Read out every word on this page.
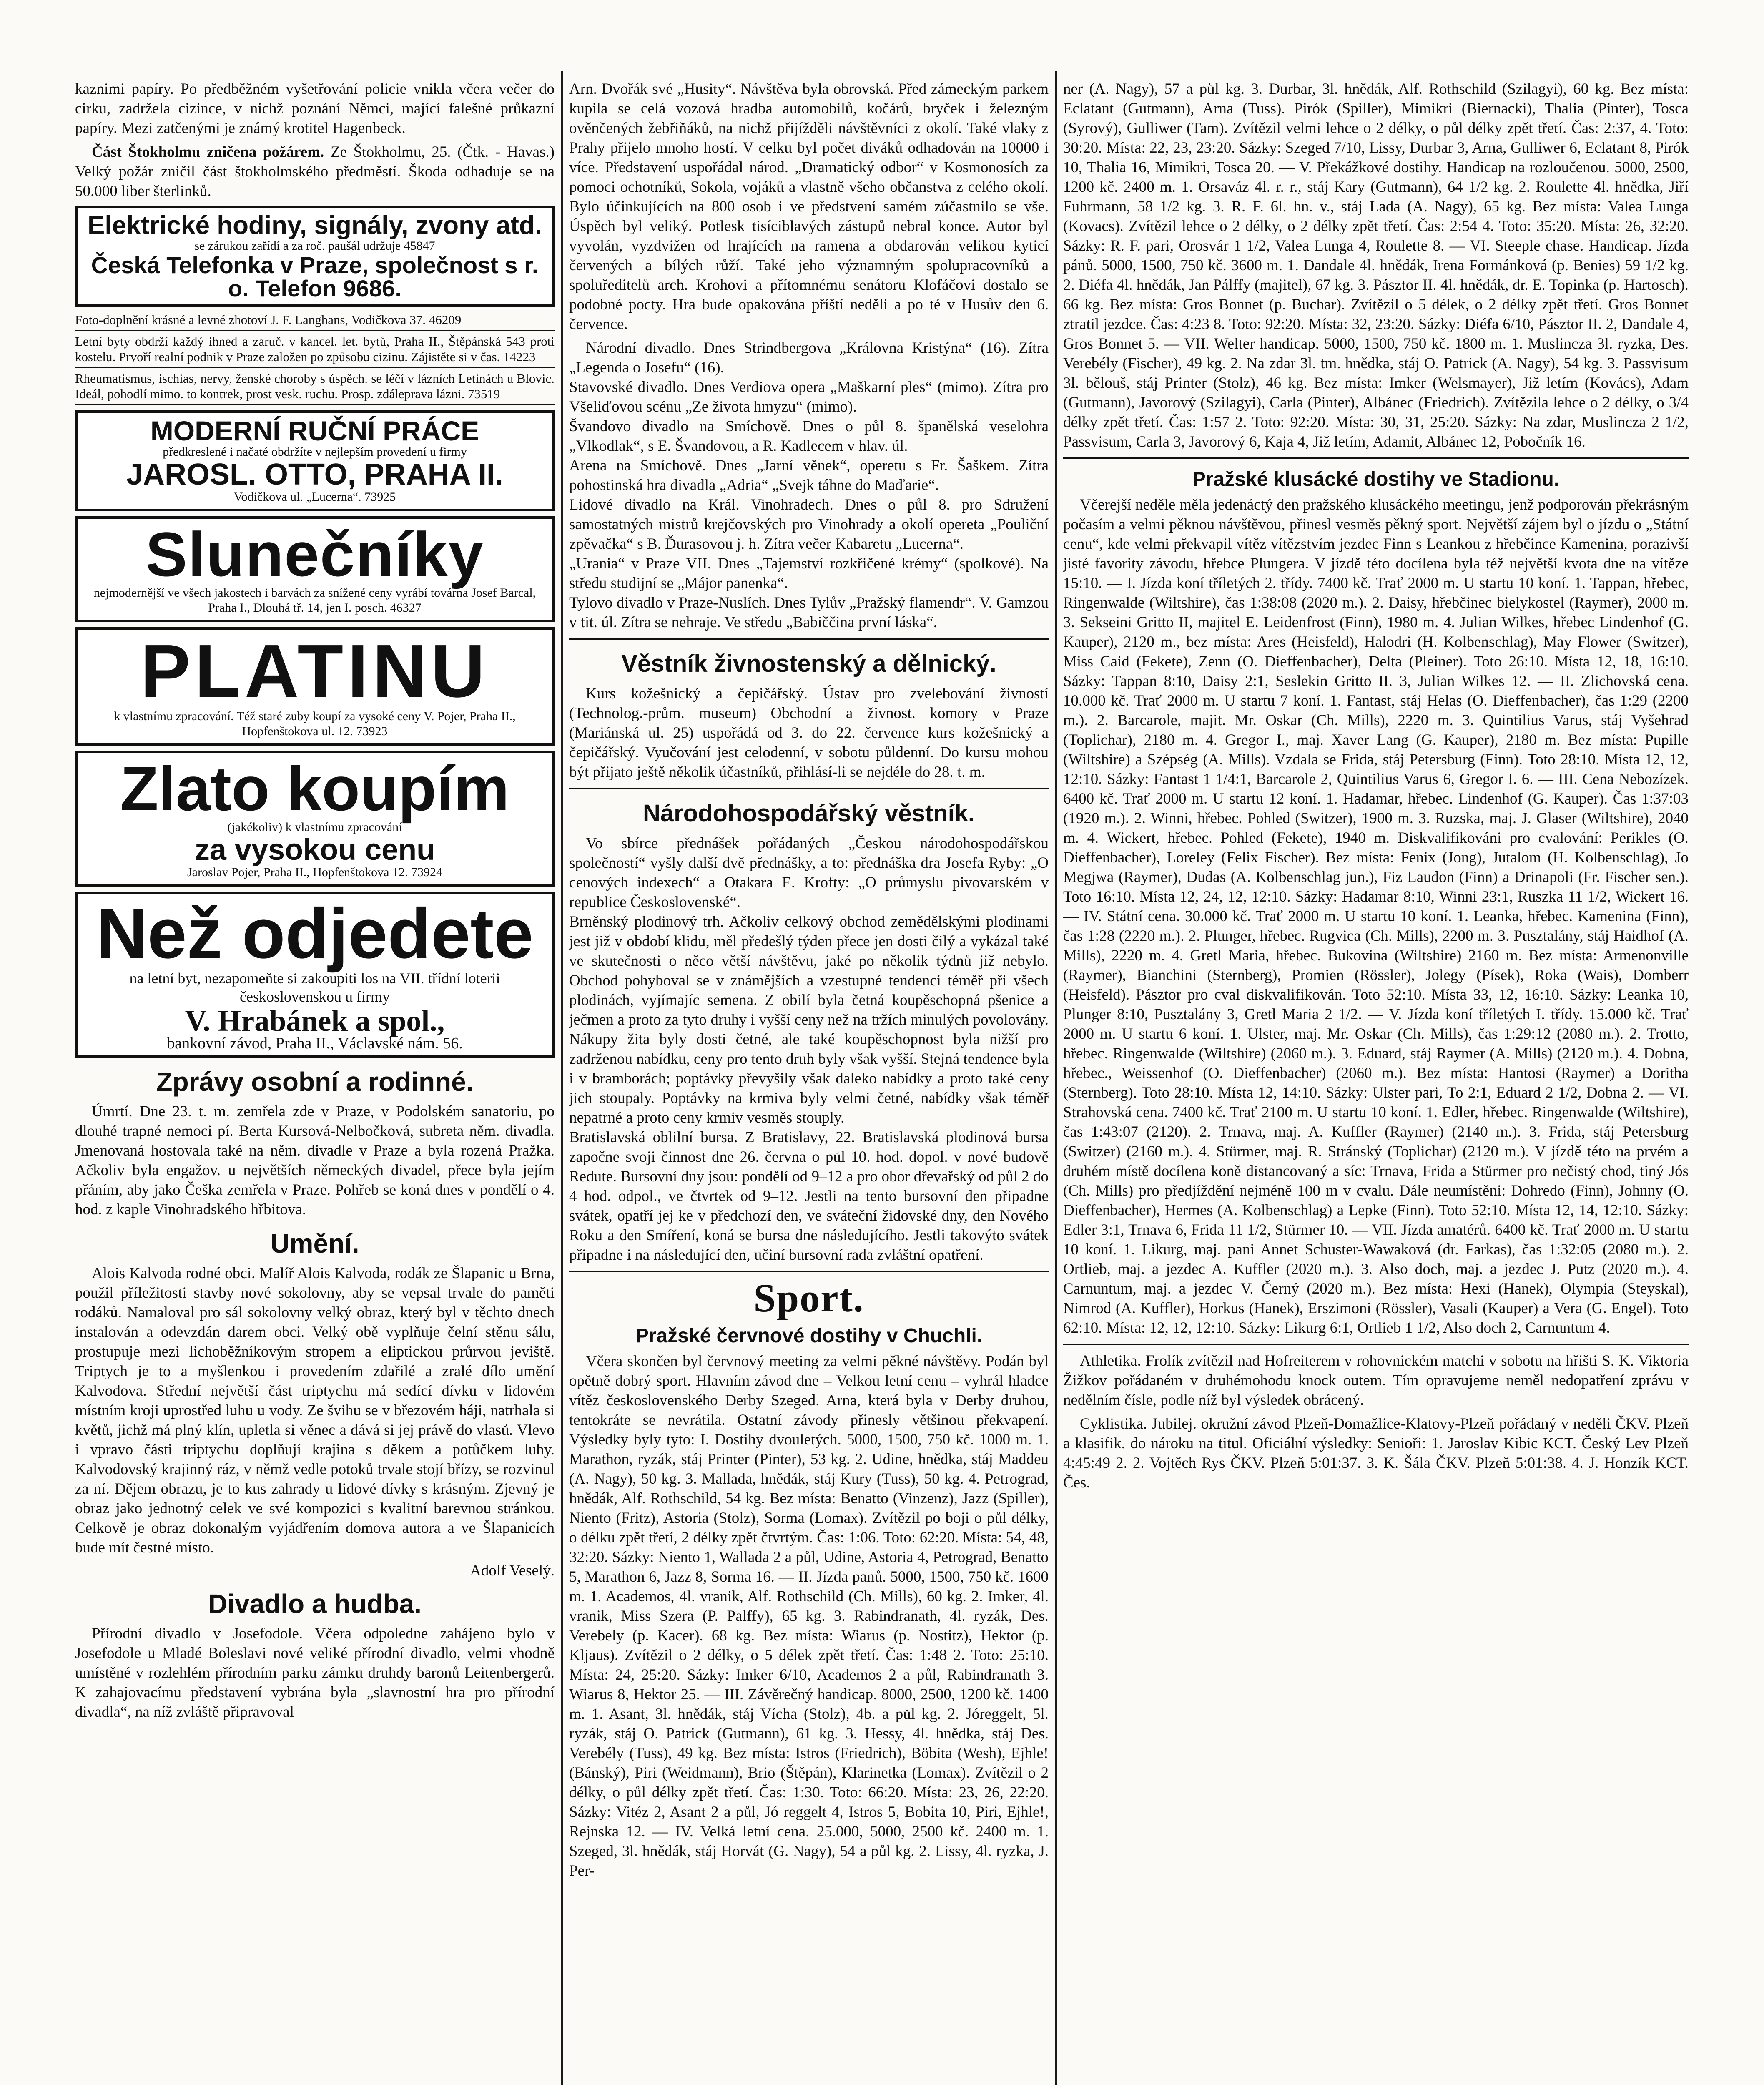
kaznimi papíry. Po předběžném vyšetřování policie vnikla včera večer do cirku, zadržela cizince, v nichž poznání Němci, mající falešné průkazní papíry. Mezi zatčenými je známý krotitel Hagenbeck.

Část Štokholmu zničena požárem. Ze Štokholmu, 25. (Čtk. - Havas.) Velký požár zničil část štokholmského předměstí. Škoda odhaduje se na 50.000 liber šterlinků.

Elektrické hodiny, signály, zvony atd.
se zárukou zařídí a za roč. paušál udržuje 45847
Česká Telefonka v Praze, společnost s r. o. Telefon 9686.
Foto-doplnění krásné a levné zhotoví J. F. Langhans, Vodičkova 37. 46209
Letní byty obdrží každý ihned a zaruč. v kancel. let. bytů, Praha II., Štěpánská 543 proti kostelu. Prvoří realní podnik v Praze založen po způsobu cizinu. Zájistěte si v čas. 14223
Rheumatismus, ischias, nervy, ženské choroby s úspěch. se léčí v lázních Letinách u Blovic. Ideál, pohodlí mimo. to kontrek, prost vesk. ruchu. Prosp. zdáleprava lázni. 73519
MODERNÍ RUČNÍ PRÁCE
předkreslené i načaté obdržíte v nejlepším provedení u firmy
JAROSL. OTTO, PRAHA II.
Vodičkova ul. „Lucerna“. 73925
Slunečníky
nejmodernější ve všech jakostech i barvách za snížené ceny vyrábí továrna Josef Barcal, Praha I., Dlouhá tř. 14, jen I. posch. 46327
PLATINU
k vlastnímu zpracování. Též staré zuby koupí za vysoké ceny V. Pojer, Praha II., Hopfenštokova ul. 12. 73923
Zlato koupím
(jakékoliv) k vlastnímu zpracování
za vysokou cenu
Jaroslav Pojer, Praha II., Hopfenštokova 12. 73924
Než odjedete
na letní byt, nezapomeňte si zakoupiti los na VII. třídní loterii československou u firmy
V. Hrabánek a spol.,
bankovní závod, Praha II., Václavské nám. 56.
Zprávy osobní a rodinné.

Úmrtí. Dne 23. t. m. zemřela zde v Praze, v Podolském sanatoriu, po dlouhé trapné nemoci pí. Berta Kursová-Nelbočková, subreta něm. divadla. Jmenovaná hostovala také na něm. divadle v Praze a byla rozená Pražka. Ačkoliv byla engažov. u největších německých divadel, přece byla jejím přáním, aby jako Češka zemřela v Praze. Pohřeb se koná dnes v pondělí o 4. hod. z kaple Vinohradského hřbitova.

Umění.

Alois Kalvoda rodné obci. Malíř Alois Kalvoda, rodák ze Šlapanic u Brna, použil příležitosti stavby nové sokolovny, aby se vepsal trvale do paměti rodáků. Namaloval pro sál sokolovny velký obraz, který byl v těchto dnech instalován a odevzdán darem obci. Velký obě vyplňuje čelní stěnu sálu, prostupuje mezi lichoběžníkovým stropem a eliptickou průrvou jeviště. Triptych je to a myšlenkou i provedením zdařilé a zralé dílo umění Kalvodova. Střední největší část triptychu má sedící dívku v lidovém místním kroji uprostřed luhu u vody. Ze švihu se v březovém háji, natrhala si květů, jichž má plný klín, upletla si věnec a dává si jej právě do vlasů. Vlevo i vpravo části triptychu doplňují krajina s děkem a potůčkem luhy. Kalvodovský krajinný ráz, v němž vedle potoků trvale stojí břízy, se rozvinul za ní. Dějem obrazu, je to kus zahrady u lidové dívky s krásným. Zjevný je obraz jako jednotný celek ve své kompozici s kvalitní barevnou stránkou. Celkově je obraz dokonalým vyjádřením domova autora a ve Šlapanicích bude mít čestné místo.

Adolf Veselý.
Divadlo a hudba.

Přírodní divadlo v Josefodole. Včera odpoledne zahájeno bylo v Josefodole u Mladé Boleslavi nové veliké přírodní divadlo, velmi vhodně umístěné v rozlehlém přírodním parku zámku druhdy baronů Leitenbergerů. K zahajovacímu představení vybrána byla „slavnostní hra pro přírodní divadla“, na níž zvláště připravoval

Arn. Dvořák své „Husity“. Návštěva byla obrovská. Před zámeckým parkem kupila se celá vozová hradba automobilů, kočárů, bryček i železným ověnčených žebřiňáků, na nichž přijížděli návštěvníci z okolí. Také vlaky z Prahy přijelo mnoho hostí. V celku byl počet diváků odhadován na 10000 i více. Představení uspořádal národ. „Dramatický odbor“ v Kosmonosích za pomoci ochotníků, Sokola, vojáků a vlastně všeho občanstva z celého okolí. Bylo účinkujících na 800 osob i ve předstvení samém zúčastnilo se vše. Úspěch byl veliký. Potlesk tisíciblavých zástupů nebral konce. Autor byl vyvolán, vyzdvižen od hrajících na ramena a obdarován velikou kyticí červených a bílých růží. Také jeho významným spolupracovníků a spoluředitelů arch. Krohovi a přítomnému senátoru Klofáčovi dostalo se podobné pocty. Hra bude opakována příští neděli a po té v Husův den 6. července.

Národní divadlo. Dnes Strindbergova „Královna Kristýna“ (16). Zítra „Legenda o Josefu“ (16).
Stavovské divadlo. Dnes Verdiova opera „Maškarní ples“ (mimo). Zítra pro Všeliďovou scénu „Ze života hmyzu“ (mimo).
Švandovo divadlo na Smíchově. Dnes o půl 8. španělská veselohra „Vlkodlak“, s E. Švandovou, a R. Kadlecem v hlav. úl.
Arena na Smíchově. Dnes „Jarní věnek“, operetu s Fr. Šaškem. Zítra pohostinská hra divadla „Adria“ „Svejk táhne do Maďarie“.
Lidové divadlo na Král. Vinohradech. Dnes o půl 8. pro Sdružení samostatných mistrů krejčovských pro Vinohrady a okolí opereta „Pouliční zpěvačka“ s B. Ďurasovou j. h. Zítra večer Kabaretu „Lucerna“.
„Urania“ v Praze VII. Dnes „Tajemství rozkřičené krémy“ (spolkové). Na středu studijní se „Májor panenka“.
Tylovo divadlo v Praze-Nuslích. Dnes Tylův „Pražský flamendr“. V. Gamzou v tit. úl. Zítra se nehraje. Ve středu „Babiččina první láska“.

Věstník živnostenský a dělnický.

Kurs kožešnický a čepičářský. Ústav pro zvelebování živností (Technolog.-prům. museum) Obchodní a živnost. komory v Praze (Mariánská ul. 25) uspořádá od 3. do 22. července kurs kožešnický a čepičářský. Vyučování jest celodenní, v sobotu půldenní. Do kursu mohou být přijato ještě několik účastníků, přihlásí-li se nejdéle do 28. t. m.

Národohospodářský věstník.

Vo sbírce přednášek pořádaných „Českou národohospodářskou společností“ vyšly další dvě přednášky, a to: přednáška dra Josefa Ryby: „O cenových indexech“ a Otakara E. Krofty: „O průmyslu pivovarském v republice Československé“.
Brněnský plodinový trh. Ačkoliv celkový obchod zemědělskými plodinami jest již v období klidu, měl předešlý týden přece jen dosti čilý a vykázal také ve skutečnosti o něco větší návštěvu, jaké po několik týdnů již nebylo. Obchod pohyboval se v známějších a vzestupné tendenci téměř při všech plodinách, vyjímajíc semena. Z obilí byla četná koupěschopná pšenice a ječmen a proto za tyto druhy i vyšší ceny než na tržích minulých povolovány. Nákupy žita byly dosti četné, ale také koupěschopnost byla nižší pro zadrženou nabídku, ceny pro tento druh byly však vyšší. Stejná tendence byla i v bramborách; poptávky převyšily však daleko nabídky a proto také ceny jich stoupaly. Poptávky na krmiva byly velmi četné, nabídky však téměř nepatrné a proto ceny krmiv vesměs stouply.
Bratislavská oblilní bursa. Z Bratislavy, 22. Bratislavská plodinová bursa započne svoji činnost dne 26. června o půl 10. hod. dopol. v nové budově Redute. Bursovní dny jsou: pondělí od 9–12 a pro obor dřevařský od půl 2 do 4 hod. odpol., ve čtvrtek od 9–12. Jestli na tento bursovní den připadne svátek, opatří jej ke v předchozí den, ve sváteční židovské dny, den Nového Roku a den Smíření, koná se bursa dne následujícího. Jestli takovýto svátek připadne i na následující den, učiní bursovní rada zvláštní opatření.

Sport.
Pražské červnové dostihy v Chuchli.

Včera skončen byl červnový meeting za velmi pěkné návštěvy. Podán byl opětně dobrý sport. Hlavním závod dne – Velkou letní cenu – vyhrál hladce vítěz československého Derby Szeged. Arna, která byla v Derby druhou, tentokráte se nevrátila. Ostatní závody přinesly většinou překvapení. Výsledky byly tyto: I. Dostihy dvouletých. 5000, 1500, 750 kč. 1000 m. 1. Marathon, ryzák, stáj Printer (Pinter), 53 kg. 2. Udine, hnědka, stáj Maddeu (A. Nagy), 50 kg. 3. Mallada, hnědák, stáj Kury (Tuss), 50 kg. 4. Petrograd, hnědák, Alf. Rothschild, 54 kg. Bez místa: Benatto (Vinzenz), Jazz (Spiller), Niento (Fritz), Astoria (Stolz), Sorma (Lomax). Zvítězil po boji o půl délky, o délku zpět třetí, 2 délky zpět čtvrtým. Čas: 1:06. Toto: 62:20. Místa: 54, 48, 32:20. Sázky: Niento 1, Wallada 2 a půl, Udine, Astoria 4, Petrograd, Benatto 5, Marathon 6, Jazz 8, Sorma 16. — II. Jízda panů. 5000, 1500, 750 kč. 1600 m. 1. Academos, 4l. vranik, Alf. Rothschild (Ch. Mills), 60 kg. 2. Imker, 4l. vranik, Miss Szera (P. Palffy), 65 kg. 3. Rabindranath, 4l. ryzák, Des. Verebely (p. Kacer). 68 kg. Bez místa: Wiarus (p. Nostitz), Hektor (p. Kljaus). Zvítězil o 2 délky, o 5 délek zpět třetí. Čas: 1:48 2. Toto: 25:10. Místa: 24, 25:20. Sázky: Imker 6/10, Academos 2 a půl, Rabindranath 3. Wiarus 8, Hektor 25. — III. Závěrečný handicap. 8000, 2500, 1200 kč. 1400 m. 1. Asant, 3l. hnědák, stáj Vícha (Stolz), 4b. a půl kg. 2. Jóreggelt, 5l. ryzák, stáj O. Patrick (Gutmann), 61 kg. 3. Hessy, 4l. hnědka, stáj Des. Verebély (Tuss), 49 kg. Bez místa: Istros (Friedrich), Böbita (Wesh), Ejhle! (Bánský), Piri (Weidmann), Brio (Štěpán), Klarinetka (Lomax). Zvítězil o 2 délky, o půl délky zpět třetí. Čas: 1:30. Toto: 66:20. Místa: 23, 26, 22:20. Sázky: Vitéz 2, Asant 2 a půl, Jó reggelt 4, Istros 5, Bobita 10, Piri, Ejhle!, Rejnska 12. — IV. Velká letní cena. 25.000, 5000, 2500 kč. 2400 m. 1. Szeged, 3l. hnědák, stáj Horvát (G. Nagy), 54 a půl kg. 2. Lissy, 4l. ryzka, J. Per-

ner (A. Nagy), 57 a půl kg. 3. Durbar, 3l. hnědák, Alf. Rothschild (Szilagyi), 60 kg. Bez místa: Eclatant (Gutmann), Arna (Tuss). Pirók (Spiller), Mimikri (Biernacki), Thalia (Pinter), Tosca (Syrový), Gulliwer (Tam). Zvítězil velmi lehce o 2 délky, o půl délky zpět třetí. Čas: 2:37, 4. Toto: 30:20. Místa: 22, 23, 23:20. Sázky: Szeged 7/10, Lissy, Durbar 3, Arna, Gulliwer 6, Eclatant 8, Pirók 10, Thalia 16, Mimikri, Tosca 20. — V. Překážkové dostihy. Handicap na rozloučenou. 5000, 2500, 1200 kč. 2400 m. 1. Orsaváz 4l. r. r., stáj Kary (Gutmann), 64 1/2 kg. 2. Roulette 4l. hnědka, Jiří Fuhrmann, 58 1/2 kg. 3. R. F. 6l. hn. v., stáj Lada (A. Nagy), 65 kg. Bez místa: Valea Lunga (Kovacs). Zvítězil lehce o 2 délky, o 2 délky zpět třetí. Čas: 2:54 4. Toto: 35:20. Místa: 26, 32:20. Sázky: R. F. pari, Orosvár 1 1/2, Valea Lunga 4, Roulette 8. — VI. Steeple chase. Handicap. Jízda pánů. 5000, 1500, 750 kč. 3600 m. 1. Dandale 4l. hnědák, Irena Formánková (p. Benies) 59 1/2 kg. 2. Diéfa 4l. hnědák, Jan Pálffy (majitel), 67 kg. 3. Pásztor II. 4l. hnědák, dr. E. Topinka (p. Hartosch). 66 kg. Bez místa: Gros Bonnet (p. Buchar). Zvítězil o 5 délek, o 2 délky zpět třetí. Gros Bonnet ztratil jezdce. Čas: 4:23 8. Toto: 92:20. Místa: 32, 23:20. Sázky: Diéfa 6/10, Pásztor II. 2, Dandale 4, Gros Bonnet 5. — VII. Welter handicap. 5000, 1500, 750 kč. 1800 m. 1. Muslincza 3l. ryzka, Des. Verebély (Fischer), 49 kg. 2. Na zdar 3l. tm. hnědka, stáj O. Patrick (A. Nagy), 54 kg. 3. Passvisum 3l. bělouš, stáj Printer (Stolz), 46 kg. Bez místa: Imker (Welsmayer), Již letím (Kovács), Adam (Gutmann), Javorový (Szilagyi), Carla (Pinter), Albánec (Friedrich). Zvítězila lehce o 2 délky, o 3/4 délky zpět třetí. Čas: 1:57 2. Toto: 92:20. Místa: 30, 31, 25:20. Sázky: Na zdar, Muslincza 2 1/2, Passvisum, Carla 3, Javorový 6, Kaja 4, Již letím, Adamit, Albánec 12, Pobočník 16.

Pražské klusácké dostihy ve Stadionu.

Včerejší neděle měla jedenáctý den pražského klusáckého meetingu, jenž podporován překrásným počasím a velmi pěknou návštěvou, přinesl vesměs pěkný sport. Největší zájem byl o jízdu o „Státní cenu“, kde velmi překvapil vítěz vítězstvím jezdec Finn s Leankou z hřebčince Kamenina, porazivší jisté favority závodu, hřebce Plungera. V jízdě této docílena byla též největší kvota dne na vítěze 15:10. — I. Jízda koní tříletých 2. třídy. 7400 kč. Trať 2000 m. U startu 10 koní. 1. Tappan, hřebec, Ringenwalde (Wiltshire), čas 1:38:08 (2020 m.). 2. Daisy, hřebčinec bielykostel (Raymer), 2000 m. 3. Sekseini Gritto II, majitel E. Leidenfrost (Finn), 1980 m. 4. Julian Wilkes, hřebec Lindenhof (G. Kauper), 2120 m., bez místa: Ares (Heisfeld), Halodri (H. Kolbenschlag), May Flower (Switzer), Miss Caid (Fekete), Zenn (O. Dieffenbacher), Delta (Pleiner). Toto 26:10. Místa 12, 18, 16:10. Sázky: Tappan 8:10, Daisy 2:1, Seslekin Gritto II. 3, Julian Wilkes 12. — II. Zlichovská cena. 10.000 kč. Trať 2000 m. U startu 7 koní. 1. Fantast, stáj Helas (O. Dieffenbacher), čas 1:29 (2200 m.). 2. Barcarole, majit. Mr. Oskar (Ch. Mills), 2220 m. 3. Quintilius Varus, stáj Vyšehrad (Toplichar), 2180 m. 4. Gregor I., maj. Xaver Lang (G. Kauper), 2180 m. Bez místa: Pupille (Wiltshire) a Szépség (A. Mills). Vzdala se Frida, stáj Petersburg (Finn). Toto 28:10. Místa 12, 12, 12:10. Sázky: Fantast 1 1/4:1, Barcarole 2, Quintilius Varus 6, Gregor I. 6. — III. Cena Nebozízek. 6400 kč. Trať 2000 m. U startu 12 koní. 1. Hadamar, hřebec. Lindenhof (G. Kauper). Čas 1:37:03 (1920 m.). 2. Winni, hřebec. Pohled (Switzer), 1900 m. 3. Ruzska, maj. J. Glaser (Wiltshire), 2040 m. 4. Wickert, hřebec. Pohled (Fekete), 1940 m. Diskvalifikováni pro cvalování: Perikles (O. Dieffenbacher), Loreley (Felix Fischer). Bez místa: Fenix (Jong), Jutalom (H. Kolbenschlag), Jo Megjwa (Raymer), Dudas (A. Kolbenschlag jun.), Fiz Laudon (Finn) a Drinapoli (Fr. Fischer sen.). Toto 16:10. Místa 12, 24, 12, 12:10. Sázky: Hadamar 8:10, Winni 23:1, Ruszka 11 1/2, Wickert 16. — IV. Státní cena. 30.000 kč. Trať 2000 m. U startu 10 koní. 1. Leanka, hřebec. Kamenina (Finn), čas 1:28 (2220 m.). 2. Plunger, hřebec. Rugvica (Ch. Mills), 2200 m. 3. Pusztalány, stáj Haidhof (A. Mills), 2220 m. 4. Gretl Maria, hřebec. Bukovina (Wiltshire) 2160 m. Bez místa: Armenonville (Raymer), Bianchini (Sternberg), Promien (Rössler), Jolegy (Písek), Roka (Wais), Domberr (Heisfeld). Pásztor pro cval diskvalifikován. Toto 52:10. Místa 33, 12, 16:10. Sázky: Leanka 10, Plunger 8:10, Pusztalány 3, Gretl Maria 2 1/2. — V. Jízda koní tříletých I. třídy. 15.000 kč. Trať 2000 m. U startu 6 koní. 1. Ulster, maj. Mr. Oskar (Ch. Mills), čas 1:29:12 (2080 m.). 2. Trotto, hřebec. Ringenwalde (Wiltshire) (2060 m.). 3. Eduard, stáj Raymer (A. Mills) (2120 m.). 4. Dobna, hřebec., Weissenhof (O. Dieffenbacher) (2060 m.). Bez místa: Hantosi (Raymer) a Doritha (Sternberg). Toto 28:10. Místa 12, 14:10. Sázky: Ulster pari, To 2:1, Eduard 2 1/2, Dobna 2. — VI. Strahovská cena. 7400 kč. Trať 2100 m. U startu 10 koní. 1. Edler, hřebec. Ringenwalde (Wiltshire), čas 1:43:07 (2120). 2. Trnava, maj. A. Kuffler (Raymer) (2140 m.). 3. Frida, stáj Petersburg (Switzer) (2160 m.). 4. Stürmer, maj. R. Stránský (Toplichar) (2120 m.). V jízdě této na prvém a druhém místě docílena koně distancovaný a síc: Trnava, Frida a Stürmer pro nečistý chod, tiný Jós (Ch. Mills) pro předjíždění nejméně 100 m v cvalu. Dále neumístěni: Dohredo (Finn), Johnny (O. Dieffenbacher), Hermes (A. Kolbenschlag) a Lepke (Finn). Toto 52:10. Místa 12, 14, 12:10. Sázky: Edler 3:1, Trnava 6, Frida 11 1/2, Stürmer 10. — VII. Jízda amatérů. 6400 kč. Trať 2000 m. U startu 10 koní. 1. Likurg, maj. pani Annet Schuster-Wawaková (dr. Farkas), čas 1:32:05 (2080 m.). 2. Ortlieb, maj. a jezdec A. Kuffler (2020 m.). 3. Also doch, maj. a jezdec J. Putz (2020 m.). 4. Carnuntum, maj. a jezdec V. Černý (2020 m.). Bez místa: Hexi (Hanek), Olympia (Steyskal), Nimrod (A. Kuffler), Horkus (Hanek), Erszimoni (Rössler), Vasali (Kauper) a Vera (G. Engel). Toto 62:10. Místa: 12, 12, 12:10. Sázky: Likurg 6:1, Ortlieb 1 1/2, Also doch 2, Carnuntum 4.

Athletika. Frolík zvítězil nad Hofreiterem v rohovnickém matchi v sobotu na hřišti S. K. Viktoria Žižkov pořádaném v druhémohodu knock outem. Tím opravujeme neměl nedopatření zprávu v nedělním čísle, podle níž byl výsledek obrácený.

Cyklistika. Jubilej. okružní závod Plzeň-Domažlice-Klatovy-Plzeň pořádaný v neděli ČKV. Plzeň a klasifik. do nároku na titul. Oficiální výsledky: Senioři: 1. Jaroslav Kibic KCT. Český Lev Plzeň 4:45:49 2. 2. Vojtěch Rys ČKV. Plzeň 5:01:37. 3. K. Šála ČKV. Plzeň 5:01:38. 4. J. Honzík KCT. Čes.
